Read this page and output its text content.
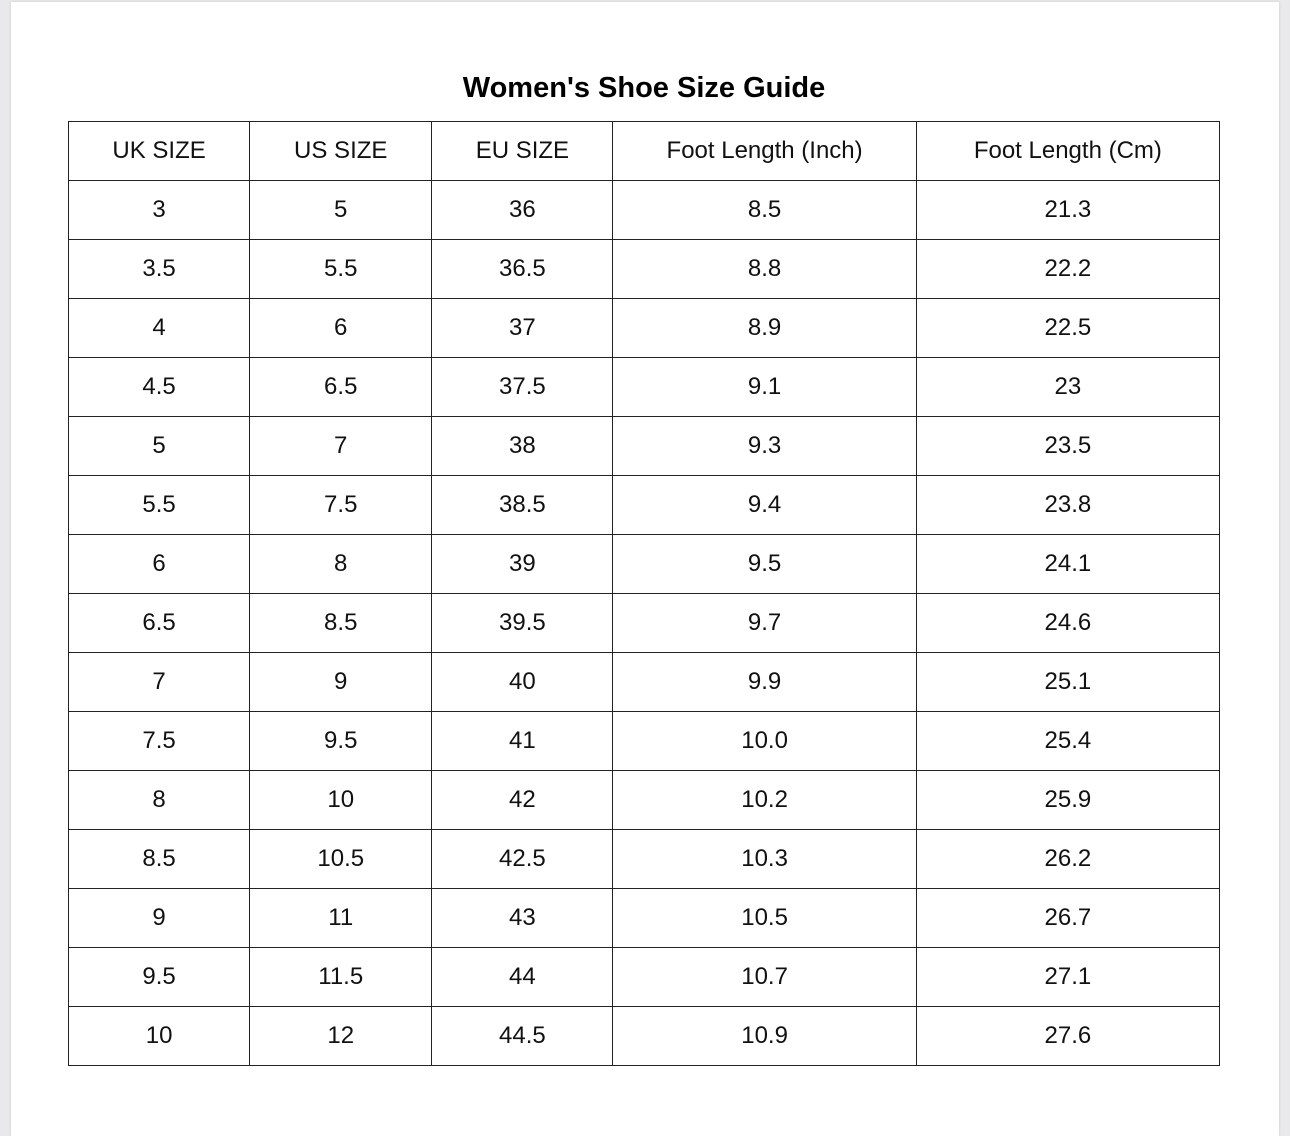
Women's Shoe Size Guide
UK SIZE	US SIZE	EU SIZE	Foot Length (Inch)	Foot Length (Cm)
3	5	36	8.5	21.3
3.5	5.5	36.5	8.8	22.2
4	6	37	8.9	22.5
4.5	6.5	37.5	9.1	23
5	7	38	9.3	23.5
5.5	7.5	38.5	9.4	23.8
6	8	39	9.5	24.1
6.5	8.5	39.5	9.7	24.6
7	9	40	9.9	25.1
7.5	9.5	41	10.0	25.4
8	10	42	10.2	25.9
8.5	10.5	42.5	10.3	26.2
9	11	43	10.5	26.7
9.5	11.5	44	10.7	27.1
10	12	44.5	10.9	27.6
